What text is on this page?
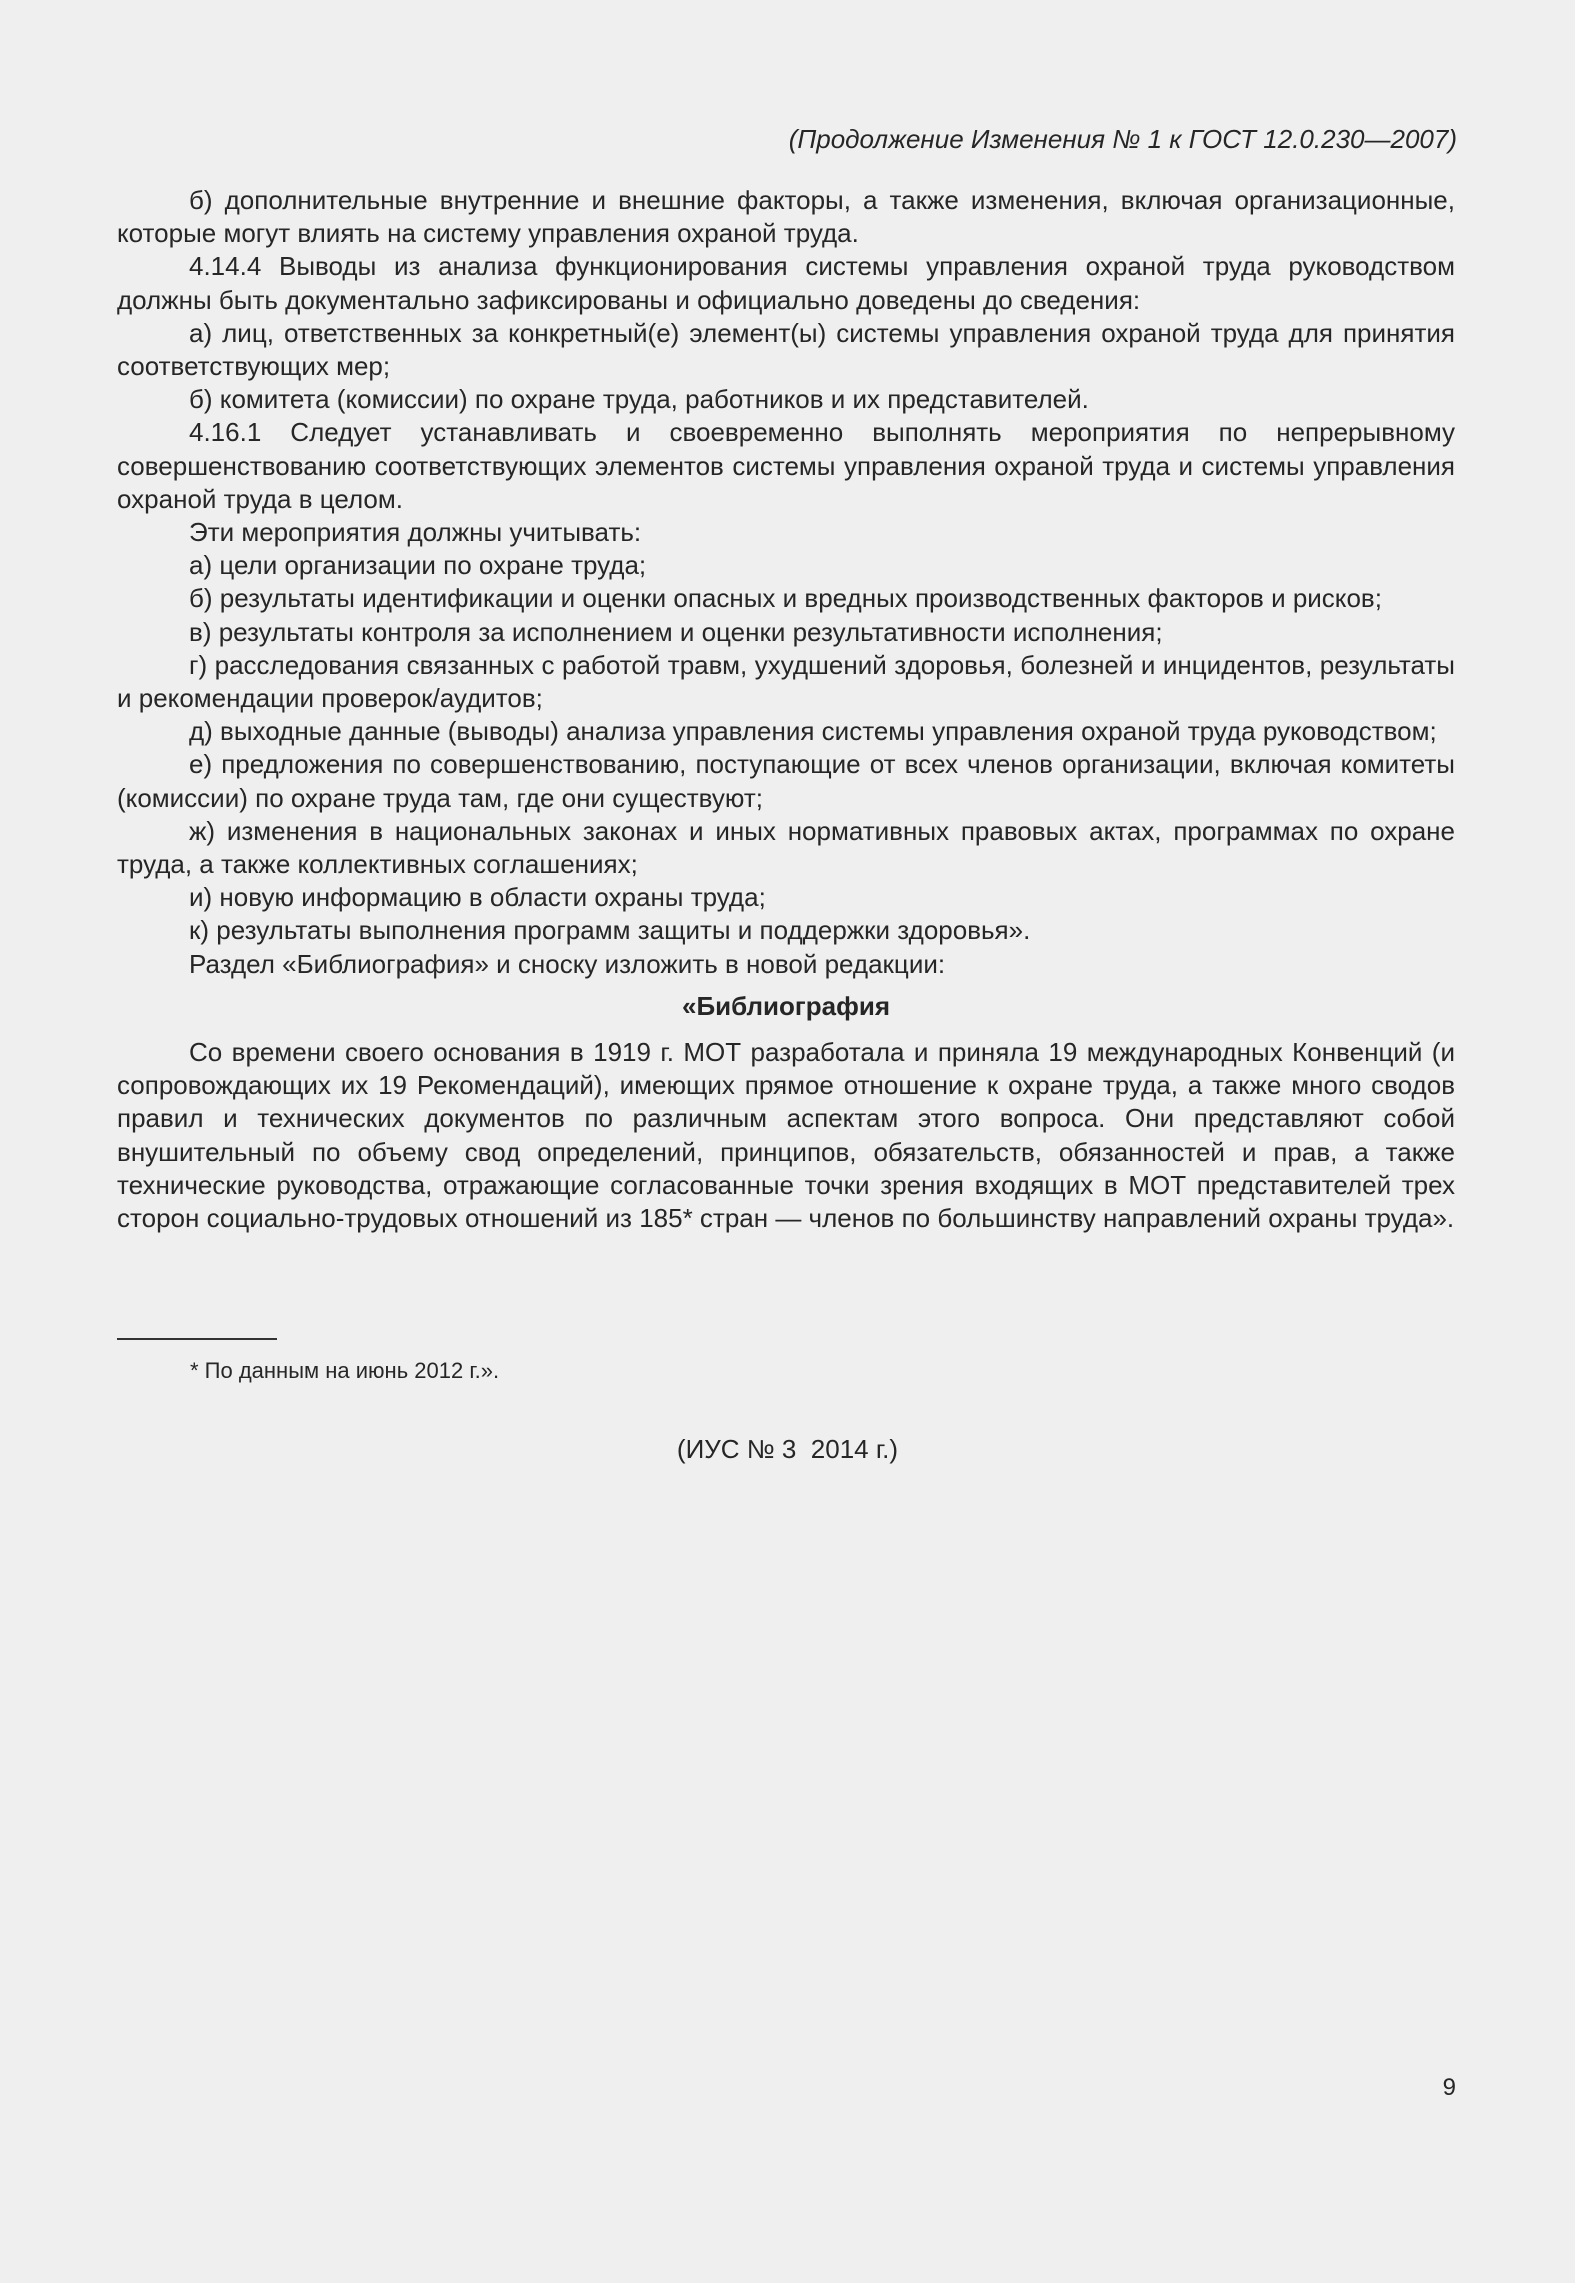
(Продолжение Изменения № 1 к ГОСТ 12.0.230—2007)

б) дополнительные внутренние и внешние факторы, а также изменения, включая организационные, которые могут влиять на систему управления охраной труда.

4.14.4 Выводы из анализа функционирования системы управления охраной труда руководством должны быть документально зафиксированы и официально доведены до сведения:

а) лиц, ответственных за конкретный(е) элемент(ы) системы управления охраной труда для принятия соответствующих мер;

б) комитета (комиссии) по охране труда, работников и их представителей.

4.16.1 Следует устанавливать и своевременно выполнять мероприятия по непрерывному совершенствованию соответствующих элементов системы управления охраной труда и системы управления охраной труда в целом.

Эти мероприятия должны учитывать:

а) цели организации по охране труда;

б) результаты идентификации и оценки опасных и вредных производственных факторов и рисков;

в) результаты контроля за исполнением и оценки результативности исполнения;

г) расследования связанных с работой травм, ухудшений здоровья, болезней и инцидентов, результаты и рекомендации проверок/аудитов;

д) выходные данные (выводы) анализа управления системы управления охраной труда руководством;

е) предложения по совершенствованию, поступающие от всех членов организации, включая комитеты (комиссии) по охране труда там, где они существуют;

ж) изменения в национальных законах и иных нормативных правовых актах, программах по охране труда, а также коллективных соглашениях;

и) новую информацию в области охраны труда;

к) результаты выполнения программ защиты и поддержки здоровья».

Раздел «Библиография» и сноску изложить в новой редакции:

«Библиография

Со времени своего основания в 1919 г. МОТ разработала и приняла 19 международных Конвенций (и сопровождающих их 19 Рекомендаций), имеющих прямое отношение к охране труда, а также много сводов правил и технических документов по различным аспектам этого вопроса. Они представляют собой внушительный по объему свод определений, принципов, обязательств, обязанностей и прав, а также технические руководства, отражающие согласованные точки зрения входящих в МОТ представителей трех сторон социально-трудовых отношений из 185* стран — членов по большинству направлений охраны труда».

* По данным на июнь 2012 г.».
(ИУС № 3  2014 г.)
9
